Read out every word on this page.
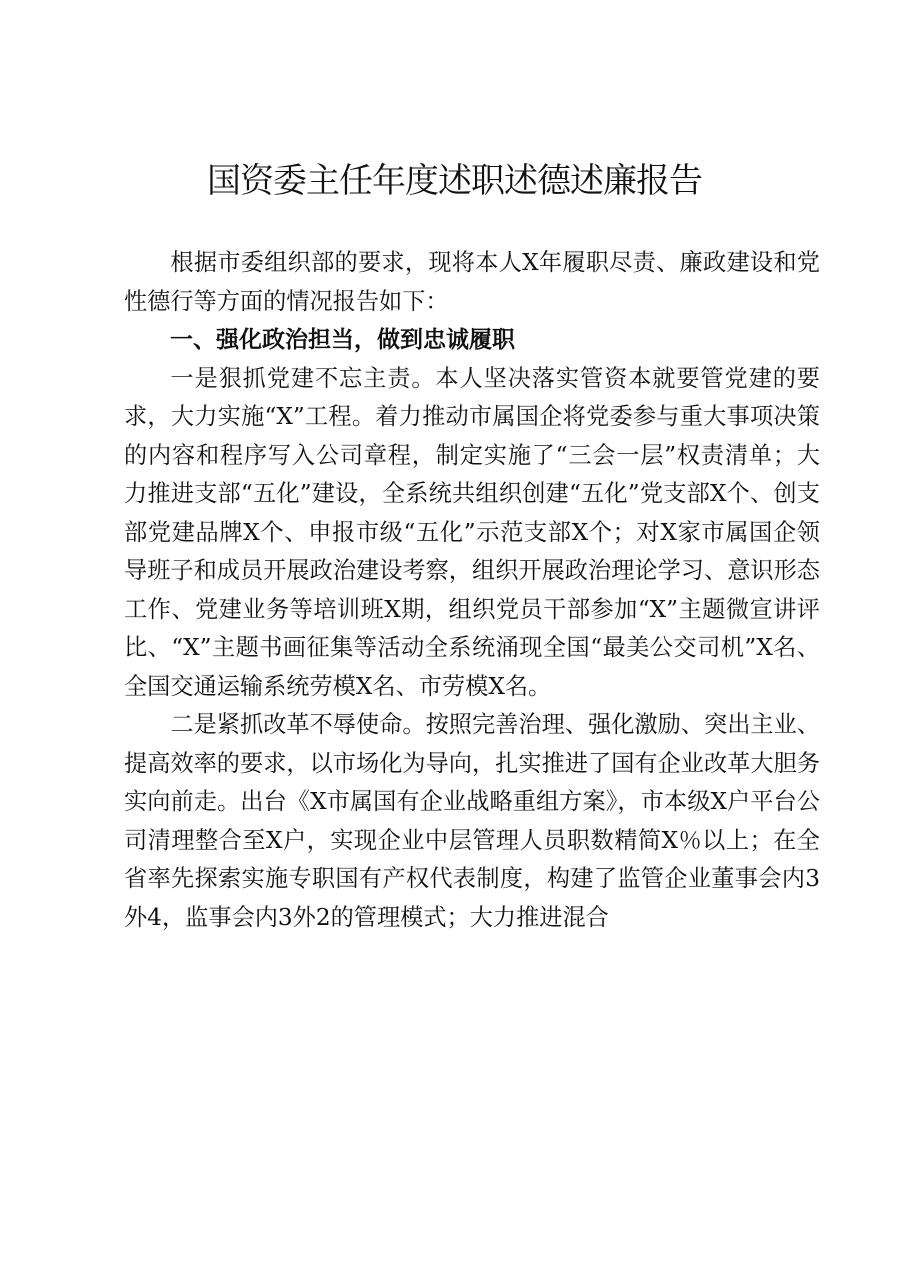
国资委主任年度述职述德述廉报告

根据市委组织部的要求，现将本人X年履职尽责、廉政建设和党性德行等方面的情况报告如下：

一、强化政治担当，做到忠诚履职

一是狠抓党建不忘主责。本人坚决落实管资本就要管党建的要求，大力实施“X”工程。着力推动市属国企将党委参与重大事项决策的内容和程序写入公司章程，制定实施了“三会一层”权责清单；大力推进支部“五化”建设，全系统共组织创建“五化”党支部X个、创支部党建品牌X个、申报市级“五化”示范支部X个；对X家市属国企领导班子和成员开展政治建设考察，组织开展政治理论学习、意识形态工作、党建业务等培训班X期，组织党员干部参加“X”主题微宣讲评比、“X”主题书画征集等活动全系统涌现全国“最美公交司机”X名、全国交通运输系统劳模X名、市劳模X名。

二是紧抓改革不辱使命。按照完善治理、强化激励、突出主业、提高效率的要求，以市场化为导向，扎实推进了国有企业改革大胆务实向前走。出台《X市属国有企业战略重组方案》，市本级X户平台公司清理整合至X户，实现企业中层管理人员职数精简X％以上；在全省率先探索实施专职国有产权代表制度，构建了监管企业董事会内3外4，监事会内3外2的管理模式；大力推进混合
